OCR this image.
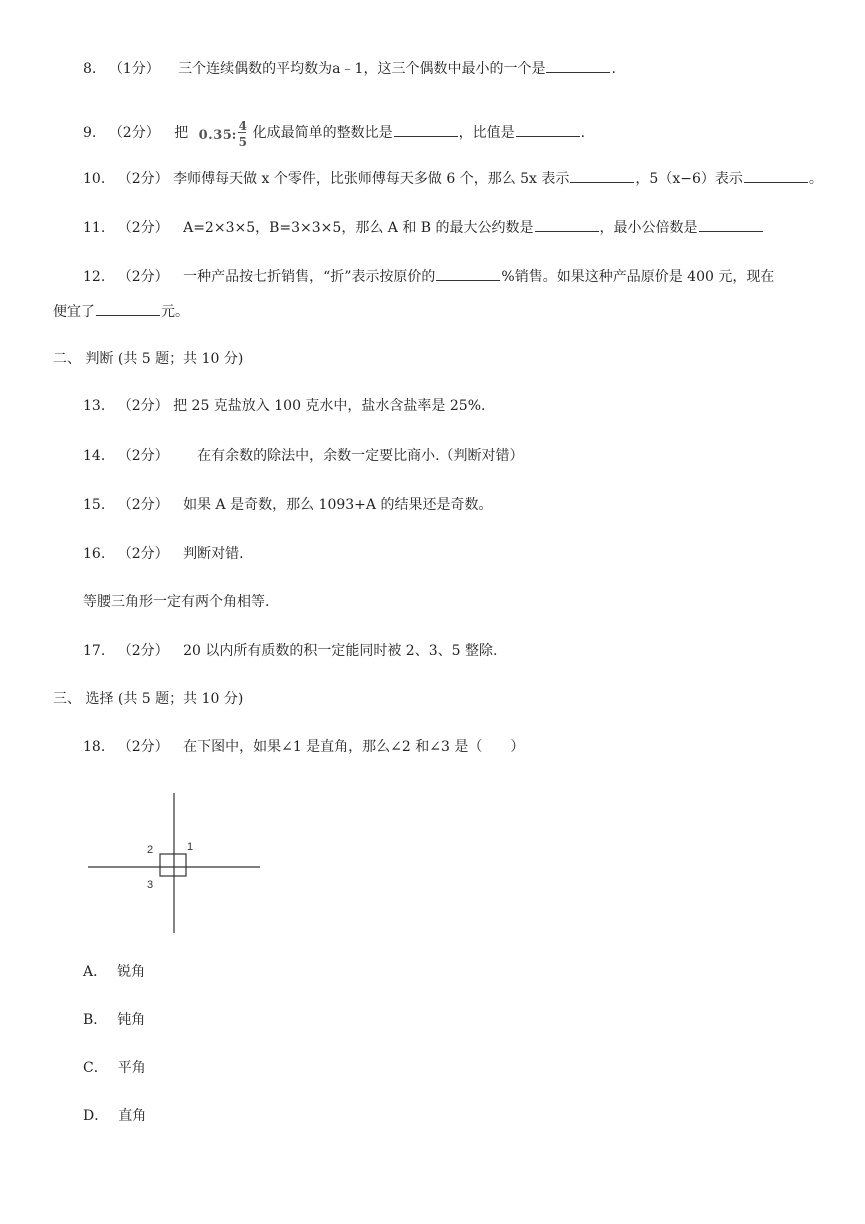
8. （1分） 　三个连续偶数的平均数为a﹣1，这三个偶数中最小的一个是	.
9. （2分） 把 0.35 :
4
5
化成最简单的整数比是	，比值是	.
10. （2分） 李师傅每天做 x 个零件，比张师傅每天多做 6 个，那么 5x 表示	，5（x−6）表示	。
11. （2分） A=2×3×5，B=3×3×5，那么 A 和 B 的最大公约数是	，最小公倍数是
12. （2分） 一种产品按七折销售，“折”表示按原价的	%销售。如果这种产品原价是 400 元，现在
便宜了	元。
二、 判断 (共 5 题；共 10 分)
13. （2分） 把 25 克盐放入 100 克水中，盐水含盐率是 25%.
14. （2分） 　在有余数的除法中，余数一定要比商小.（判断对错）
15. （2分） 如果 A 是奇数，那么 1093+A 的结果还是奇数。
16. （2分） 判断对错.
等腰三角形一定有两个角相等.
17. （2分） 20 以内所有质数的积一定能同时被 2、3、5 整除.
三、 选择 (共 5 题；共 10 分)
18. （2分） 在下图中，如果∠1 是直角，那么∠2 和∠3 是（　　）
2	1
3
A． 锐角
B． 钝角
C． 平角
D． 直角
